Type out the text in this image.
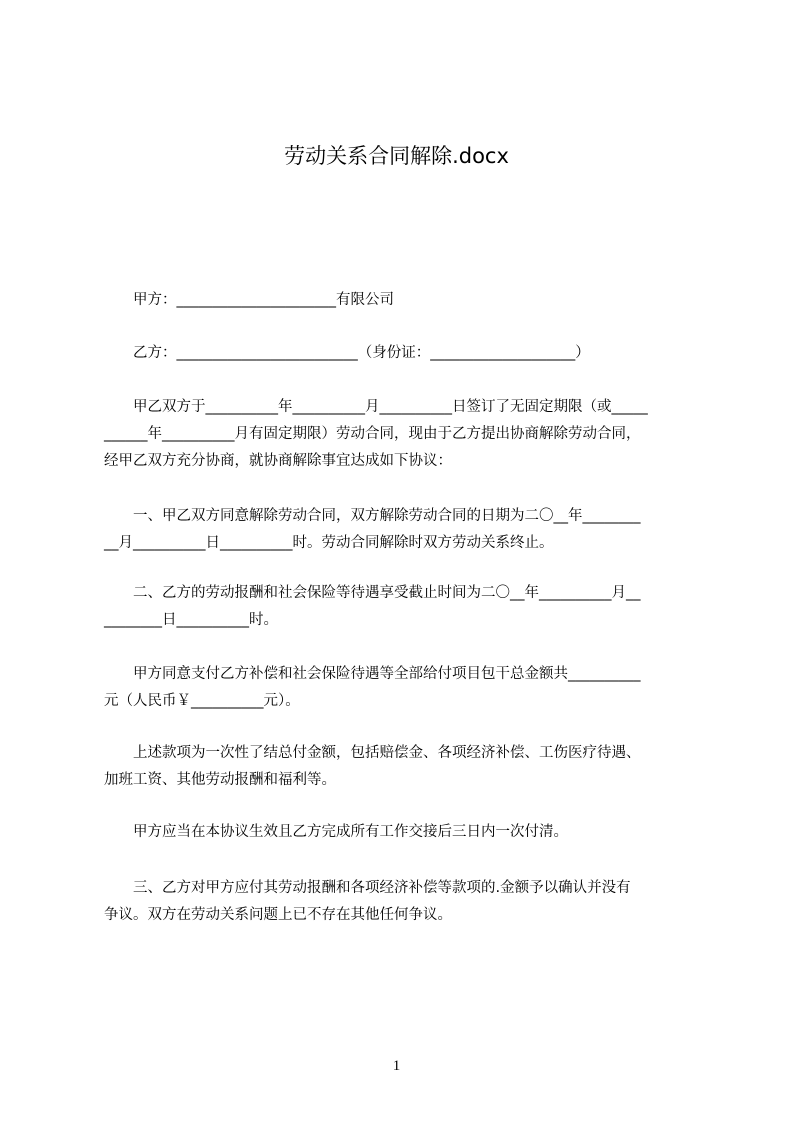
劳动关系合同解除.docx
　　甲方：______________________有限公司
　　乙方：_________________________（身份证：____________________）
　　甲乙双方于__________年__________月__________日签订了无固定期限（或_____
______年__________月有固定期限）劳动合同，现由于乙方提出协商解除劳动合同，
经甲乙双方充分协商，就协商解除事宜达成如下协议：
　　一、甲乙双方同意解除劳动合同，双方解除劳动合同的日期为二〇__年________
__月__________日__________时。劳动合同解除时双方劳动关系终止。
　　二、乙方的劳动报酬和社会保险等待遇享受截止时间为二〇__年__________月__
________日__________时。
　　甲方同意支付乙方补偿和社会保险待遇等全部给付项目包干总金额共__________
元（人民币￥__________元）。
　　上述款项为一次性了结总付金额，包括赔偿金、各项经济补偿、工伤医疗待遇、
加班工资、其他劳动报酬和福利等。
　　甲方应当在本协议生效且乙方完成所有工作交接后三日内一次付清。
　　三、乙方对甲方应付其劳动报酬和各项经济补偿等款项的.金额予以确认并没有
争议。双方在劳动关系问题上已不存在其他任何争议。
1
